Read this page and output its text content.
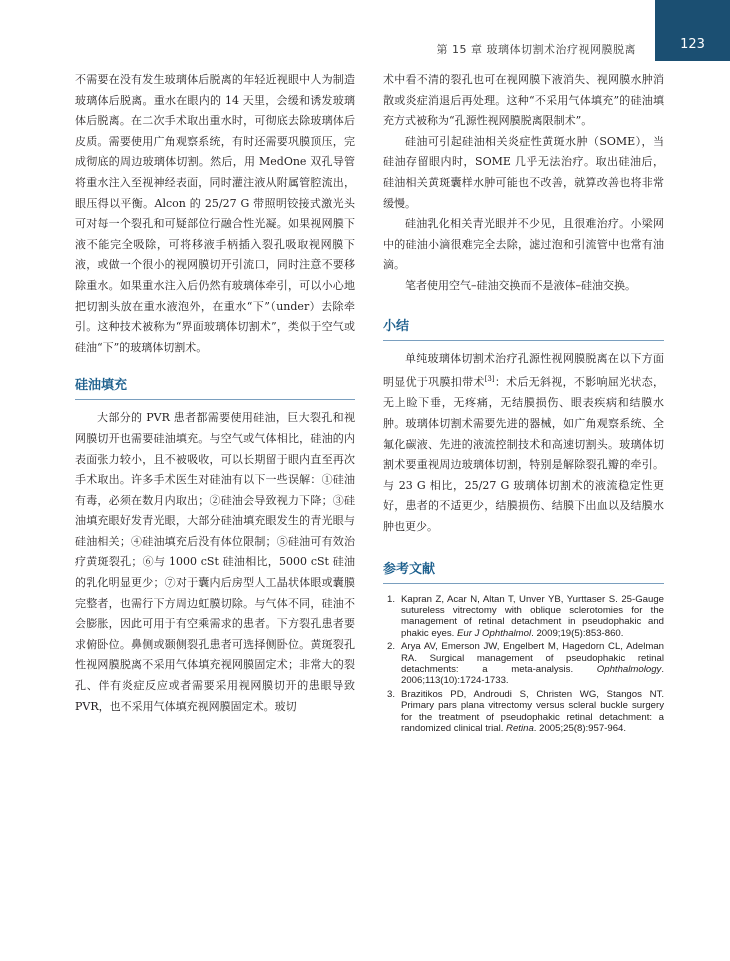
第 15 章 玻璃体切割术治疗视网膜脱离	123

不需要在没有发生玻璃体后脱离的年轻近视眼中人为制造玻璃体后脱离。重水在眼内的 14 天里，会缓和诱发玻璃体后脱离。在二次手术取出重水时，可彻底去除玻璃体后皮质。需要使用广角观察系统，有时还需要巩膜顶压，完成彻底的周边玻璃体切割。然后，用 MedOne 双孔导管将重水注入至视神经表面，同时灌注液从附属管腔流出，眼压得以平衡。Alcon 的 25/27 G 带照明铰接式激光头可对每一个裂孔和可疑部位行融合性光凝。如果视网膜下液不能完全吸除，可将移液手柄插入裂孔吸取视网膜下液，或做一个很小的视网膜切开引流口，同时注意不要移除重水。如果重水注入后仍然有玻璃体牵引，可以小心地把切割头放在重水液泡外，在重水“下”（under）去除牵引。这种技术被称为“界面玻璃体切割术”，类似于空气或硅油“下”的玻璃体切割术。

硅油填充

大部分的 PVR 患者都需要使用硅油，巨大裂孔和视网膜切开也需要硅油填充。与空气或气体相比，硅油的内表面张力较小，且不被吸收，可以长期留于眼内直至再次手术取出。许多手术医生对硅油有以下一些误解：①硅油有毒，必须在数月内取出；②硅油会导致视力下降；③硅油填充眼好发青光眼，大部分硅油填充眼发生的青光眼与硅油相关；④硅油填充后没有体位限制；⑤硅油可有效治疗黄斑裂孔；⑥与 1000 cSt 硅油相比，5000 cSt 硅油的乳化明显更少；⑦对于囊内后房型人工晶状体眼或囊膜完整者，也需行下方周边虹膜切除。与气体不同，硅油不会膨胀，因此可用于有空乘需求的患者。下方裂孔患者要求俯卧位。鼻侧或颞侧裂孔患者可选择侧卧位。黄斑裂孔性视网膜脱离不采用气体填充视网膜固定术；非常大的裂孔、伴有炎症反应或者需要采用视网膜切开的患眼导致 PVR，也不采用气体填充视网膜固定术。玻切

术中看不清的裂孔也可在视网膜下液消失、视网膜水肿消散或炎症消退后再处理。这种“不采用气体填充”的硅油填充方式被称为“孔源性视网膜脱离限制术”。

硅油可引起硅油相关炎症性黄斑水肿（SOME），当硅油存留眼内时，SOME 几乎无法治疗。取出硅油后，硅油相关黄斑囊样水肿可能也不改善，就算改善也将非常缓慢。

硅油乳化相关青光眼并不少见，且很难治疗。小梁网中的硅油小滴很难完全去除，滤过泡和引流管中也常有油滴。

笔者使用空气–硅油交换而不是液体–硅油交换。

小结

单纯玻璃体切割术治疗孔源性视网膜脱离在以下方面明显优于巩膜扣带术[3]：术后无斜视，不影响屈光状态，无上睑下垂，无疼痛，无结膜损伤、眼表疾病和结膜水肿。玻璃体切割术需要先进的器械，如广角观察系统、全氟化碳液、先进的液流控制技术和高速切割头。玻璃体切割术要重视周边玻璃体切割，特别是解除裂孔瓣的牵引。与 23 G 相比，25/27 G 玻璃体切割术的液流稳定性更好，患者的不适更少，结膜损伤、结膜下出血以及结膜水肿也更少。

参考文献
1. Kapran Z, Acar N, Altan T, Unver YB, Yurttaser S. 25-Gauge sutureless vitrectomy with oblique sclerotomies for the management of retinal detachment in pseudophakic and phakic eyes. Eur J Ophthalmol. 2009;19(5):853-860.
2. Arya AV, Emerson JW, Engelbert M, Hagedorn CL, Adelman RA. Surgical management of pseudophakic retinal detachments: a meta-analysis. Ophthalmology. 2006;113(10):1724-1733.
3. Brazitikos PD, Androudi S, Christen WG, Stangos NT. Primary pars plana vitrectomy versus scleral buckle surgery for the treatment of pseudophakic retinal detachment: a randomized clinical trial. Retina. 2005;25(8):957-964.
